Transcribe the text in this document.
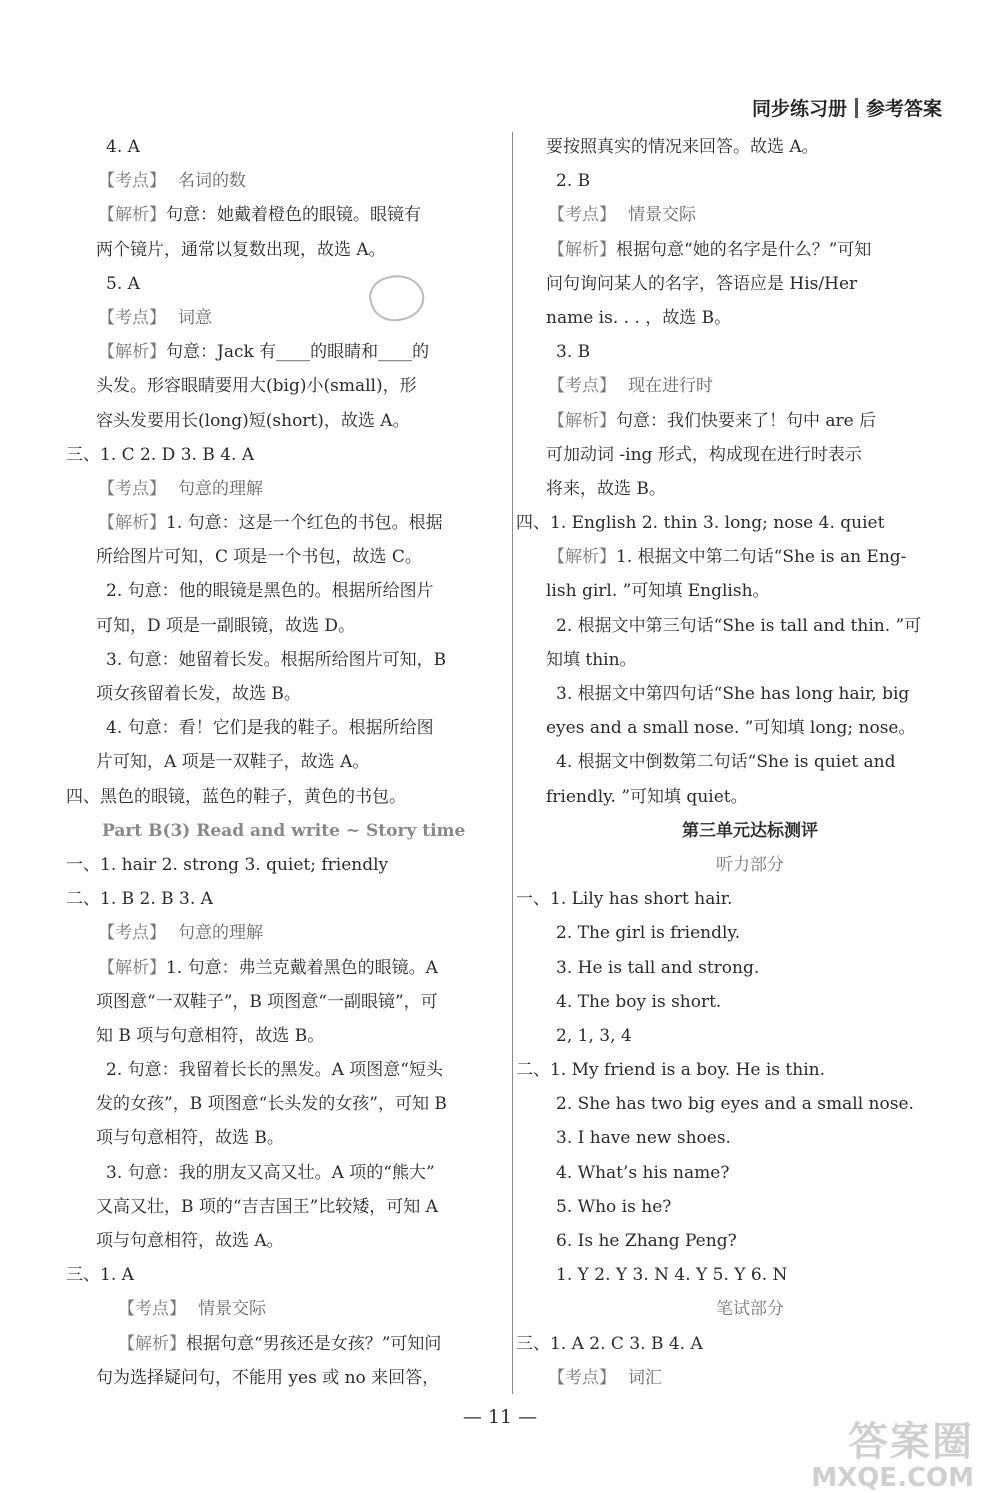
同步练习册 参考答案
4. A
【考点】 名词的数
【解析】句意：她戴着橙色的眼镜。眼镜有
两个镜片，通常以复数出现，故选 A。
5. A
【考点】 词意
【解析】句意：Jack 有____的眼睛和____的
头发。形容眼睛要用大(big)小(small)，形
容头发要用长(long)短(short)，故选 A。
三、1. C 2. D 3. B 4. A
【考点】 句意的理解
【解析】1. 句意：这是一个红色的书包。根据
所给图片可知，C 项是一个书包，故选 C。
2. 句意：他的眼镜是黑色的。根据所给图片
可知，D 项是一副眼镜，故选 D。
3. 句意：她留着长发。根据所给图片可知，B
项女孩留着长发，故选 B。
4. 句意：看！它们是我的鞋子。根据所给图
片可知，A 项是一双鞋子，故选 A。
四、黑色的眼镜，蓝色的鞋子，黄色的书包。
Part B(3) Read and write ~ Story time
一、1. hair 2. strong 3. quiet; friendly
二、1. B 2. B 3. A
【考点】 句意的理解
【解析】1. 句意：弗兰克戴着黑色的眼镜。A
项图意“一双鞋子”，B 项图意“一副眼镜”，可
知 B 项与句意相符，故选 B。
2. 句意：我留着长长的黑发。A 项图意“短头
发的女孩”，B 项图意“长头发的女孩”，可知 B
项与句意相符，故选 B。
3. 句意：我的朋友又高又壮。A 项的“熊大”
又高又壮，B 项的“吉吉国王”比较矮，可知 A
项与句意相符，故选 A。
三、1. A
【考点】 情景交际
【解析】根据句意“男孩还是女孩？”可知问
句为选择疑问句，不能用 yes 或 no 来回答，
要按照真实的情况来回答。故选 A。
2. B
【考点】 情景交际
【解析】根据句意“她的名字是什么？”可知
问句询问某人的名字，答语应是 His/Her
name is. . . ，故选 B。
3. B
【考点】 现在进行时
【解析】句意：我们快要来了！句中 are 后
可加动词 -ing 形式，构成现在进行时表示
将来，故选 B。
四、1. English 2. thin 3. long; nose 4. quiet
【解析】1. 根据文中第二句话“She is an Eng-
lish girl. ”可知填 English。
2. 根据文中第三句话“She is tall and thin. ”可
知填 thin。
3. 根据文中第四句话“She has long hair, big
eyes and a small nose. ”可知填 long; nose。
4. 根据文中倒数第二句话“She is quiet and
friendly. ”可知填 quiet。
第三单元达标测评
听力部分
一、1. Lily has short hair.
2. The girl is friendly.
3. He is tall and strong.
4. The boy is short.
2, 1, 3, 4
二、1. My friend is a boy. He is thin.
2. She has two big eyes and a small nose.
3. I have new shoes.
4. What’s his name?
5. Who is he?
6. Is he Zhang Peng?
1. Y 2. Y 3. N 4. Y 5. Y 6. N
笔试部分
三、1. A 2. C 3. B 4. A
【考点】 词汇
— 11 —
答案圈
MXQE.COM
